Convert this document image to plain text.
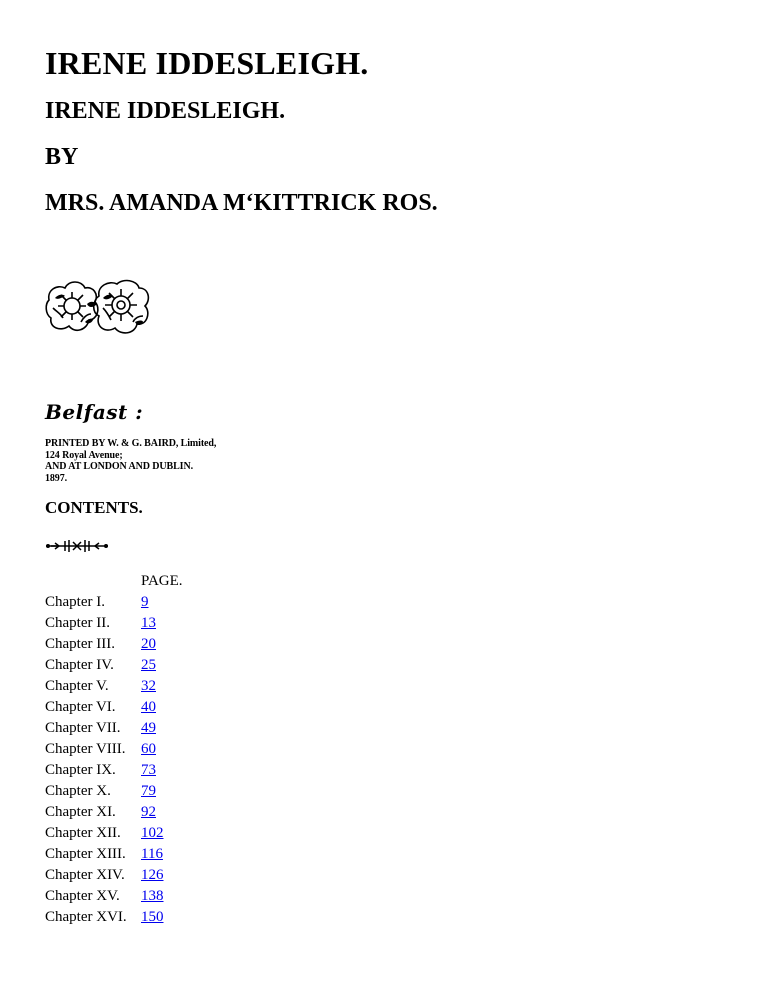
IRENE IDDESLEIGH.
IRENE IDDESLEIGH.
BY
MRS. AMANDA M‘KITTRICK ROS.
Belfast :
PRINTED BY W. & G. BAIRD, Limited,
124 Royal Avenue;
AND AT LONDON AND DUBLIN.
1897.
CONTENTS.
PAGE.
Chapter I. 9
Chapter II. 13
Chapter III. 20
Chapter IV. 25
Chapter V. 32
Chapter VI. 40
Chapter VII. 49
Chapter VIII. 60
Chapter IX. 73
Chapter X. 79
Chapter XI. 92
Chapter XII. 102
Chapter XIII. 116
Chapter XIV. 126
Chapter XV. 138
Chapter XVI. 150
